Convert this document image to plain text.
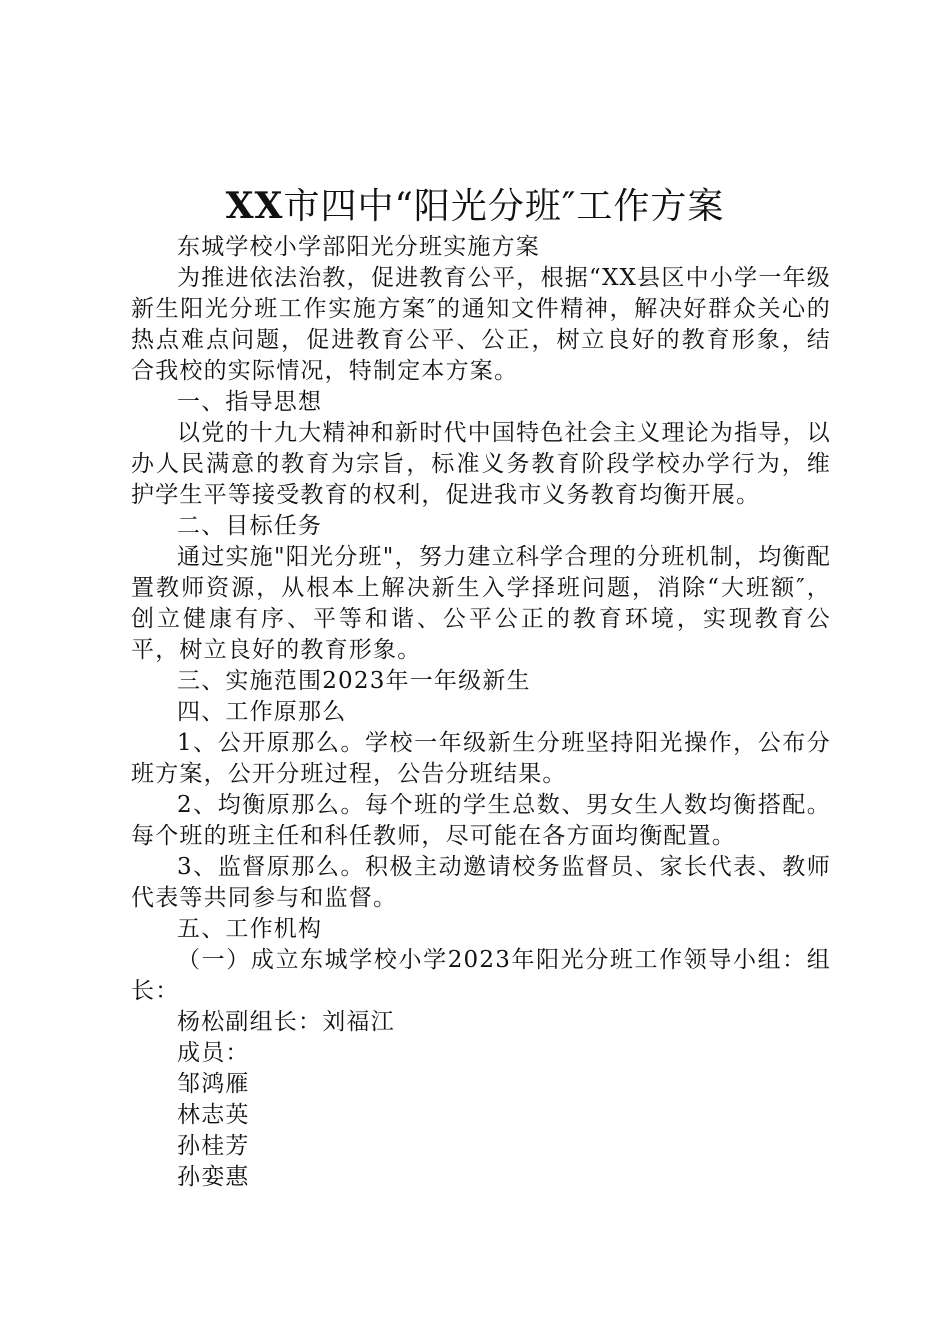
XX市四中“阳光分班″工作方案

东城学校小学部阳光分班实施方案

为推进依法治教，促进教育公平，根据“XX县区中小学一年级新生阳光分班工作实施方案″的通知文件精神，解决好群众关心的热点难点问题，促进教育公平、公正，树立良好的教育形象，结合我校的实际情况，特制定本方案。

一、指导思想

以党的十九大精神和新时代中国特色社会主义理论为指导，以办人民满意的教育为宗旨，标准义务教育阶段学校办学行为，维护学生平等接受教育的权利，促进我市义务教育均衡开展。

二、目标任务

通过实施"阳光分班"，努力建立科学合理的分班机制，均衡配置教师资源，从根本上解决新生入学择班问题，消除“大班额″，创立健康有序、平等和谐、公平公正的教育环境，实现教育公平，树立良好的教育形象。

三、实施范围2023年一年级新生

四、工作原那么

1、公开原那么。学校一年级新生分班坚持阳光操作，公布分班方案，公开分班过程，公告分班结果。

2、均衡原那么。每个班的学生总数、男女生人数均衡搭配。每个班的班主任和科任教师，尽可能在各方面均衡配置。

3、监督原那么。积极主动邀请校务监督员、家长代表、教师代表等共同参与和监督。

五、工作机构

（一）成立东城学校小学2023年阳光分班工作领导小组：组长：

杨松副组长：刘福江

成员：

邹鸿雁

林志英

孙桂芳

孙娈惠
